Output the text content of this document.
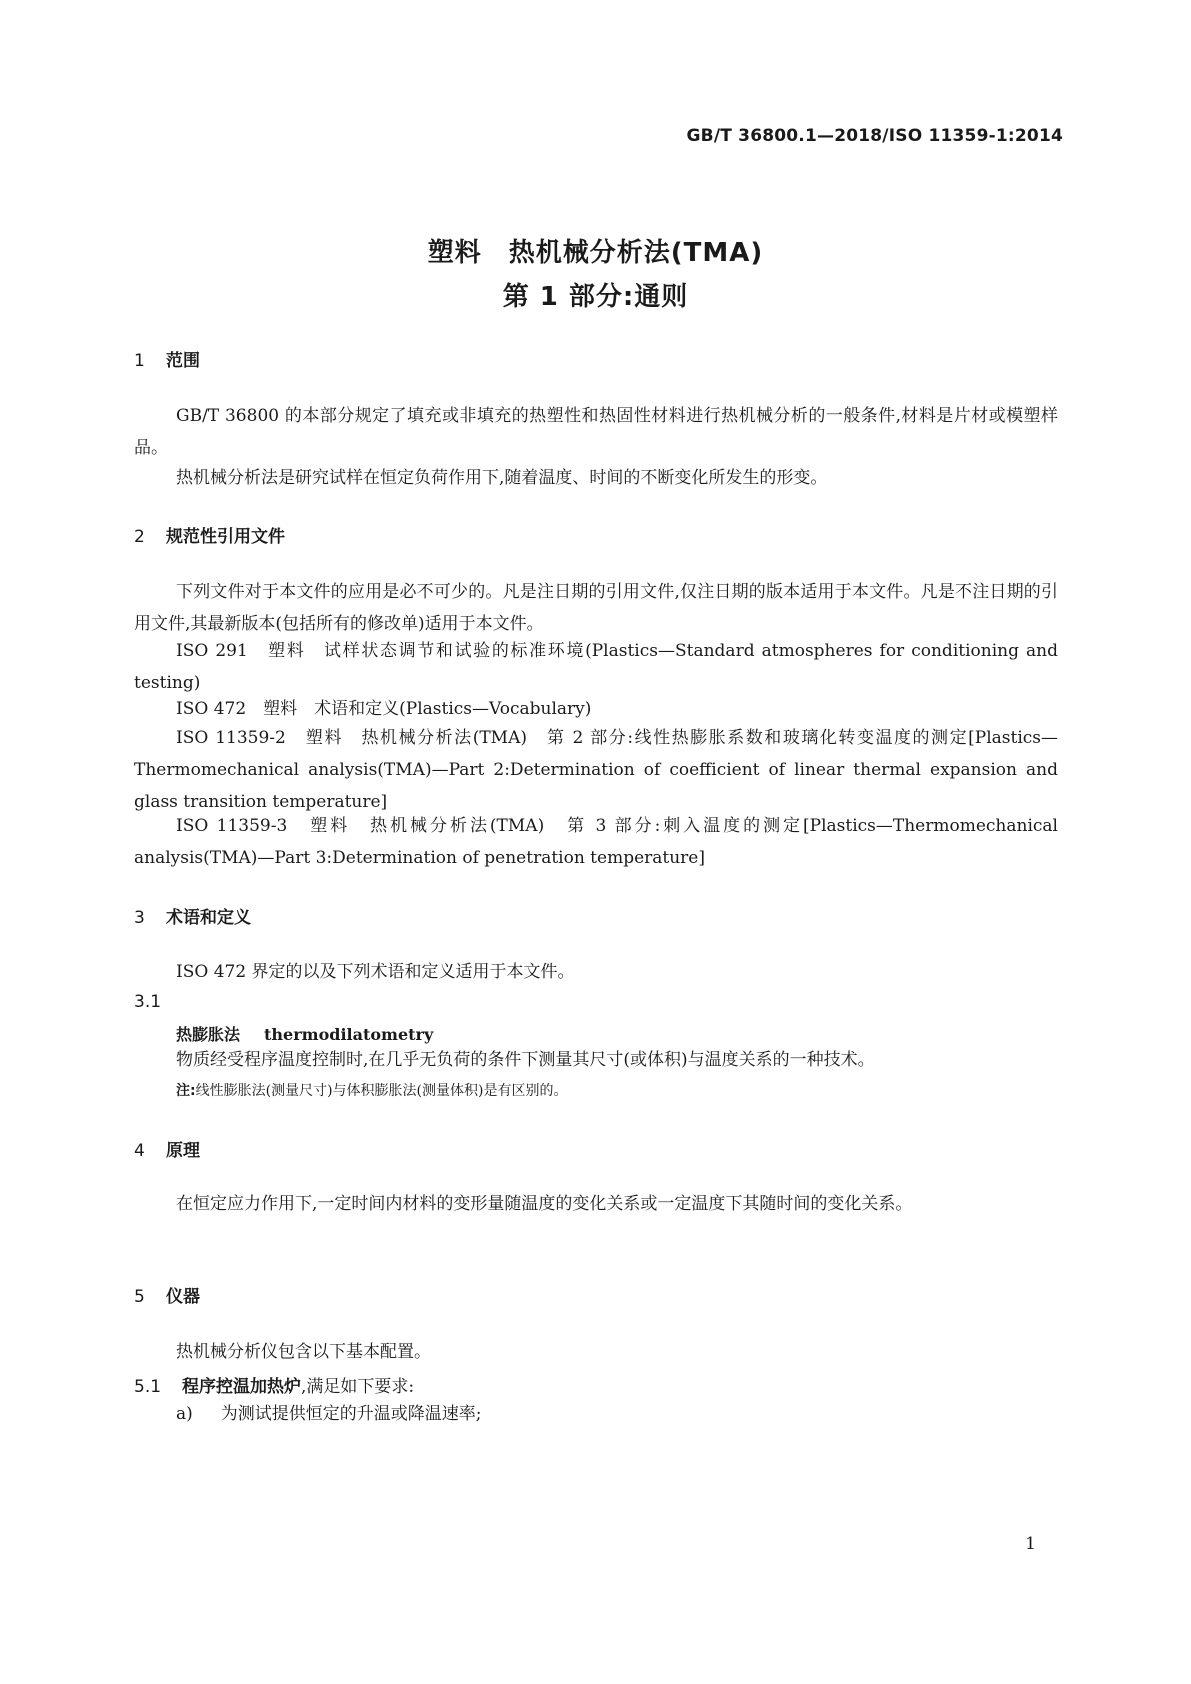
GB/T 36800.1—2018/ISO 11359-1:2014
塑料　热机械分析法(TMA)
第 1 部分:通则
1 范围
GB/T 36800 的本部分规定了填充或非填充的热塑性和热固性材料进行热机械分析的一般条件,材料是片材或模塑样品。
热机械分析法是研究试样在恒定负荷作用下,随着温度、时间的不断变化所发生的形变。
2 规范性引用文件
下列文件对于本文件的应用是必不可少的。凡是注日期的引用文件,仅注日期的版本适用于本文件。凡是不注日期的引用文件,其最新版本(包括所有的修改单)适用于本文件。
ISO 291　塑料　试样状态调节和试验的标准环境(Plastics—Standard atmospheres for conditioning and testing)
ISO 472　塑料　术语和定义(Plastics—Vocabulary)
ISO 11359-2　塑料　热机械分析法(TMA)　第 2 部分:线性热膨胀系数和玻璃化转变温度的测定[Plastics—Thermomechanical analysis(TMA)—Part 2:Determination of coefficient of linear thermal expansion and glass transition temperature]
ISO 11359-3　塑料　热机械分析法(TMA)　第 3 部分:刺入温度的测定[Plastics—Thermomechanical analysis(TMA)—Part 3:Determination of penetration temperature]
3 术语和定义
ISO 472 界定的以及下列术语和定义适用于本文件。
3.1
热膨胀法 thermodilatometry
物质经受程序温度控制时,在几乎无负荷的条件下测量其尺寸(或体积)与温度关系的一种技术。
注:线性膨胀法(测量尺寸)与体积膨胀法(测量体积)是有区别的。
4 原理
在恒定应力作用下,一定时间内材料的变形量随温度的变化关系或一定温度下其随时间的变化关系。
5 仪器
热机械分析仪包含以下基本配置。
5.1 程序控温加热炉,满足如下要求:
a) 为测试提供恒定的升温或降温速率;
1
